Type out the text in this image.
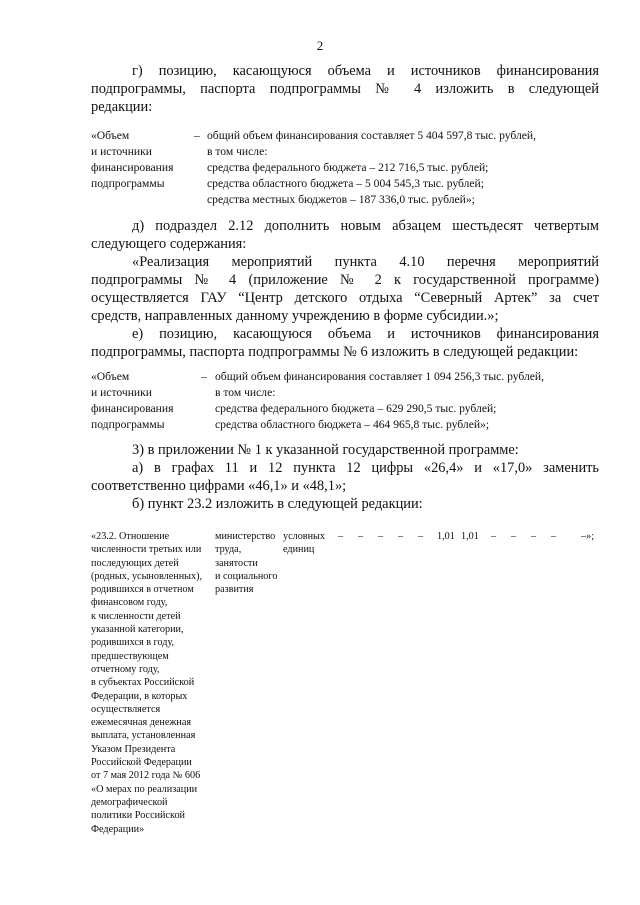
2
г) позицию, касающуюся объема и источников финансирования
подпрограммы, паспорта подпрограммы № 4 изложить в следующей
редакции:
«Объем
и источники
финансирования
подпрограммы
– общий объем финансирования составляет 5 404 597,8 тыс. рублей,
в том числе:
средства федерального бюджета – 212 716,5 тыс. рублей;
средства областного бюджета – 5 004 545,3 тыс. рублей;
средства местных бюджетов – 187 336,0 тыс. рублей»;
д) подраздел 2.12 дополнить новым абзацем шестьдесят четвертым
следующего содержания:
«Реализация мероприятий пункта 4.10 перечня мероприятий
подпрограммы № 4 (приложение № 2 к государственной программе)
осуществляется ГАУ “Центр детского отдыха “Северный Артек” за счет
средств, направленных данному учреждению в форме субсидии.»;
е) позицию, касающуюся объема и источников финансирования
подпрограммы, паспорта подпрограммы № 6 изложить в следующей редакции:
«Объем
и источники
финансирования
подпрограммы
– общий объем финансирования составляет 1 094 256,3 тыс. рублей,
в том числе:
средства федерального бюджета – 629 290,5 тыс. рублей;
средства областного бюджета – 464 965,8 тыс. рублей»;
3) в приложении № 1 к указанной государственной программе:
а) в графах 11 и 12 пункта 12 цифры «26,4» и «17,0» заменить
соответственно цифрами «46,1» и «48,1»;
б) пункт 23.2 изложить в следующей редакции:
«23.2. Отношение
численности третьих или
последующих детей
(родных, усыновленных),
родившихся в отчетном
финансовом году,
к численности детей
указанной категории,
родившихся в году,
предшествующем
отчетному году,
в субъектах Российской
Федерации, в которых
осуществляется
ежемесячная денежная
выплата, установленная
Указом Президента
Российской Федерации
от 7 мая 2012 года № 606
«О мерах по реализации
демографической
политики Российской
Федерации»
министерство
труда,
занятости
и социального
развития
условных
единиц
– – – – – 1,01 1,01 – – – – –»;
